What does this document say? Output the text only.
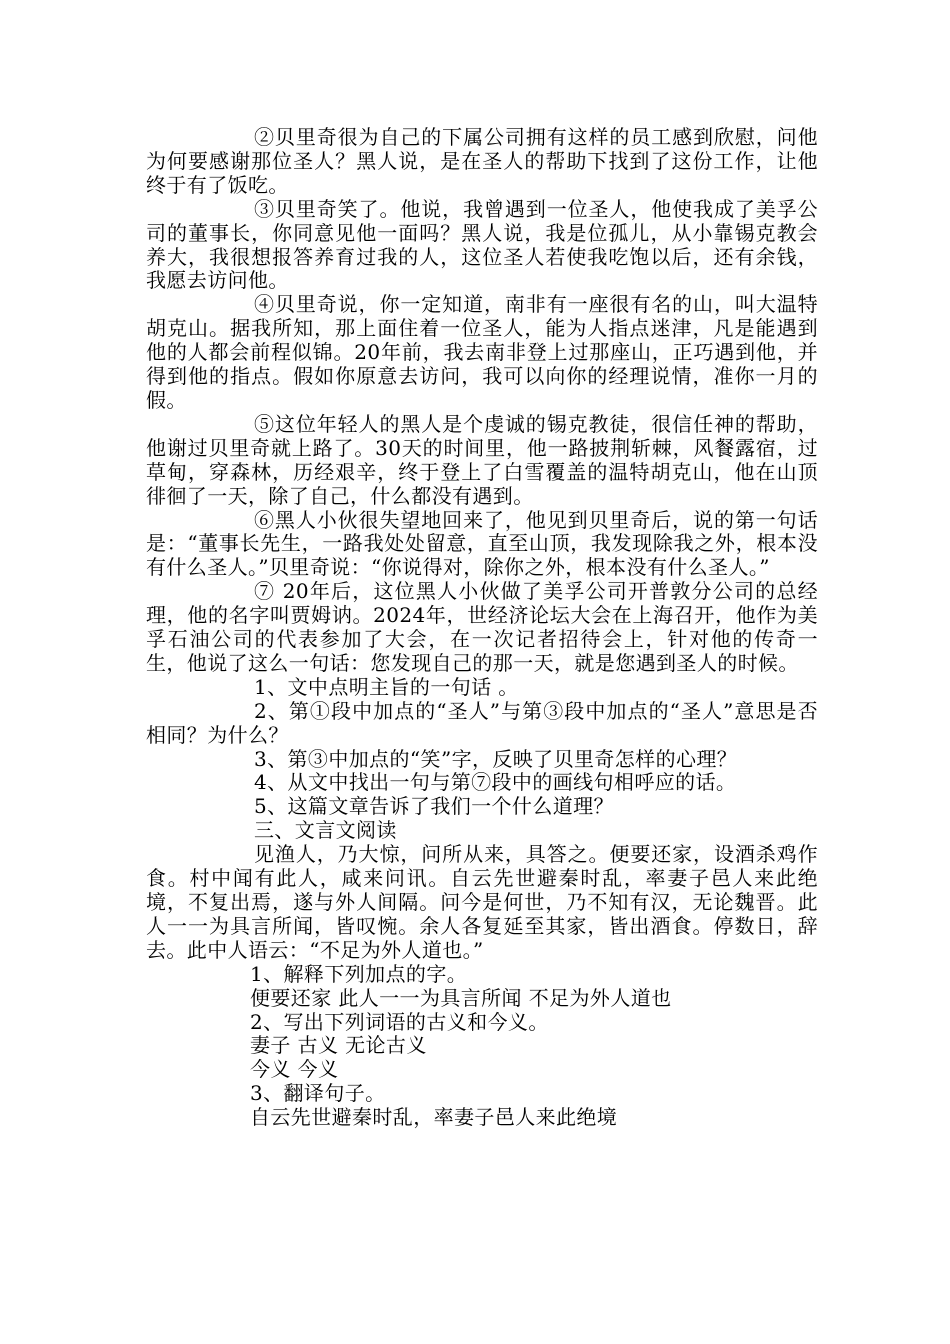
②贝里奇很为自己的下属公司拥有这样的员工感到欣慰，问他为何要感谢那位圣人？黑人说，是在圣人的帮助下找到了这份工作，让他终于有了饭吃。

③贝里奇笑了。他说，我曾遇到一位圣人，他使我成了美孚公司的董事长，你同意见他一面吗？黑人说，我是位孤儿，从小靠锡克教会养大，我很想报答养育过我的人，这位圣人若使我吃饱以后，还有余钱，我愿去访问他。

④贝里奇说，你一定知道，南非有一座很有名的山，叫大温特胡克山。据我所知，那上面住着一位圣人，能为人指点迷津，凡是能遇到他的人都会前程似锦。20年前，我去南非登上过那座山，正巧遇到他，并得到他的指点。假如你原意去访问，我可以向你的经理说情，准你一月的假。

⑤这位年轻人的黑人是个虔诚的锡克教徒，很信任神的帮助，他谢过贝里奇就上路了。30天的时间里，他一路披荆斩棘，风餐露宿，过草甸，穿森林，历经艰辛，终于登上了白雪覆盖的温特胡克山，他在山顶徘徊了一天，除了自己，什么都没有遇到。

⑥黑人小伙很失望地回来了，他见到贝里奇后，说的第一句话是：“董事长先生，一路我处处留意，直至山顶，我发现除我之外，根本没有什么圣人。”贝里奇说：“你说得对，除你之外，根本没有什么圣人。”

⑦ 20年后，这位黑人小伙做了美孚公司开普敦分公司的总经理，他的名字叫贾姆讷。2024年，世经济论坛大会在上海召开，他作为美孚石油公司的代表参加了大会，在一次记者招待会上，针对他的传奇一生，他说了这么一句话：您发现自己的那一天，就是您遇到圣人的时候。

1、文中点明主旨的一句话 。

2、第①段中加点的“圣人”与第③段中加点的“圣人”意思是否相同？为什么？

3、第③中加点的“笑”字，反映了贝里奇怎样的心理？

4、从文中找出一句与第⑦段中的画线句相呼应的话。

5、这篇文章告诉了我们一个什么道理？

三、文言文阅读

见渔人，乃大惊，问所从来，具答之。便要还家，设酒杀鸡作食。村中闻有此人，咸来问讯。自云先世避秦时乱，率妻子邑人来此绝境，不复出焉，遂与外人间隔。问今是何世，乃不知有汉，无论魏晋。此人一一为具言所闻，皆叹惋。余人各复延至其家，皆出酒食。停数日，辞去。此中人语云：“不足为外人道也。”

1、解释下列加点的字。

便要还家 此人一一为具言所闻 不足为外人道也

2、写出下列词语的古义和今义。

妻子 古义 无论古义

今义 今义

3、翻译句子。

自云先世避秦时乱，率妻子邑人来此绝境
